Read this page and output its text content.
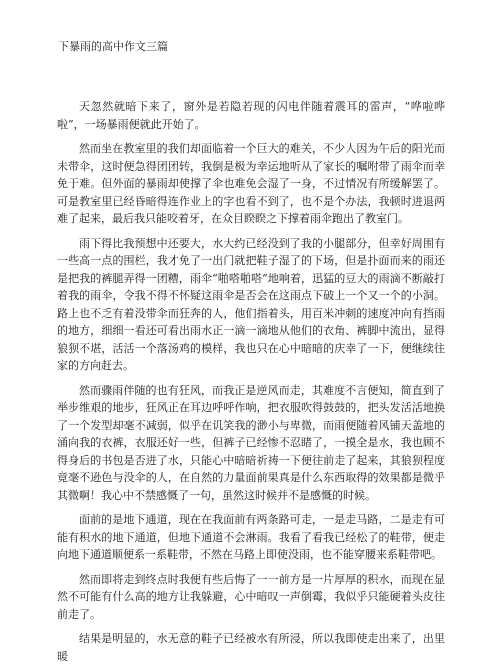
下暴雨的高中作文三篇

天忽然就暗下来了，窗外是若隐若现的闪电伴随着震耳的雷声，“哗啦哗啦”，一场暴雨便就此开始了。

然而坐在教室里的我们却面临着一个巨大的难关，不少人因为午后的阳光而未带伞，这时便急得团团转，我倒是极为幸运地听从了家长的嘱咐带了雨伞而幸免于难。但外面的暴雨却使撑了伞也难免会湿了一身，不过情况有所缓解罢了。可是教室里已经昏暗得连作业上的字也看不到了，也不是个办法，我顿时进退两难了起来，最后我只能咬着牙，在众目睽睽之下撑着雨伞跑出了教室门。

雨下得比我预想中还要大，水大约已经没到了我的小腿部分，但幸好周围有一些高一点的围栏，我才免了一出门就把鞋子湿了的下场，但是扑面而来的雨还是把我的裤腿弄得一团糟，雨伞“啪嗒啪嗒”地响着，迅猛的豆大的雨滴不断敲打着我的雨伞，令我不得不怀疑这雨伞是否会在这雨点下破上一个又一个的小洞。路上也不乏有着没带伞而狂奔的人，他们指着头，用百米冲刺的速度冲向有挡雨的地方，细细一看还可看出雨水正一滴一滴地从他们的衣角、裤脚中流出，显得狼狈不堪，活活一个落汤鸡的模样，我也只在心中暗暗的庆幸了一下，便继续往家的方向赶去。

然而骤雨伴随的也有狂风，而我正是逆风而走，其难度不言便知，简直到了举步维艰的地步，狂风正在耳边呼呼作响，把衣服吹得鼓鼓的，把头发活活地换了一个发型却毫不减弱，似乎在讥笑我的渺小与卑微，而雨便随着风铺天盖地的涌向我的衣裤，衣服还好一些，但裤子已经惨不忍睹了，一摸全是水，我也顾不得身后的书包是否进了水，只能心中暗暗祈祷一下便往前走了起来，其狼狈程度竟毫不逊色与没伞的人，在自然的力量面前果真是什么东西取得的效果都是微乎其微啊！我心中不禁感慨了一句，虽然这时候并不是感慨的时候。

面前的是地下通道，现在在我面前有两条路可走，一是走马路，二是走有可能有积水的地下通道，但地下通道不会淋雨。我看了看我已经松了的鞋带，便走向地下通道顺便系一系鞋带，不然在马路上即使没雨，也不能穿腰来系鞋带吧。

然而即将走到终点时我便有些后悔了一一前方是一片厚厚的积水，而现在显然不可能有什么高的地方让我躲避，心中暗叹一声倒霉，我似乎只能硬着头皮往前走了。

结果是明显的，水无意的鞋子已经被水有所浸，所以我即使走出来了，出里暖
